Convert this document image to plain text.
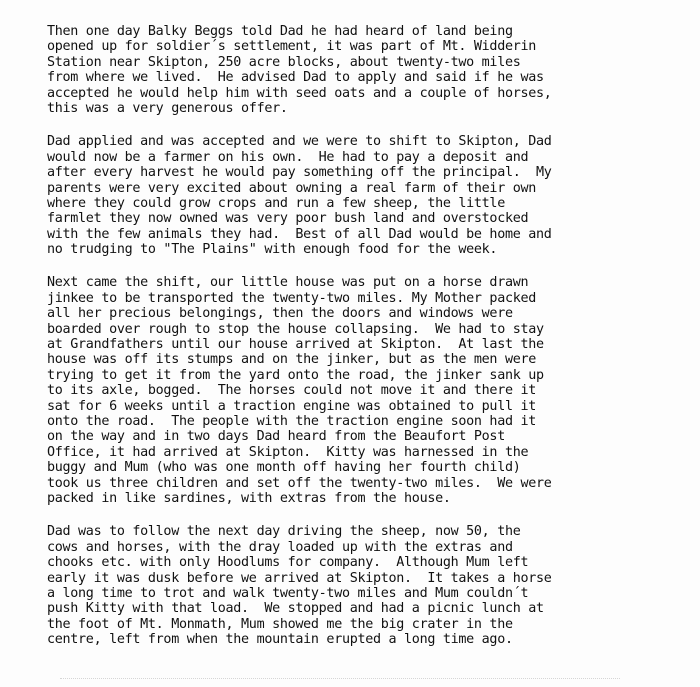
Then one day Balky Beggs told Dad he had heard of land being
opened up for soldier´s settlement, it was part of Mt. Widderin
Station near Skipton, 250 acre blocks, about twenty-two miles
from where we lived.  He advised Dad to apply and said if he was
accepted he would help him with seed oats and a couple of horses,
this was a very generous offer.
Dad applied and was accepted and we were to shift to Skipton, Dad
would now be a farmer on his own.  He had to pay a deposit and
after every harvest he would pay something off the principal.  My
parents were very excited about owning a real farm of their own
where they could grow crops and run a few sheep, the little
farmlet they now owned was very poor bush land and overstocked
with the few animals they had.  Best of all Dad would be home and
no trudging to "The Plains" with enough food for the week.
Next came the shift, our little house was put on a horse drawn
jinkee to be transported the twenty-two miles. My Mother packed
all her precious belongings, then the doors and windows were
boarded over rough to stop the house collapsing.  We had to stay
at Grandfathers until our house arrived at Skipton.  At last the
house was off its stumps and on the jinker, but as the men were
trying to get it from the yard onto the road, the jinker sank up
to its axle, bogged.  The horses could not move it and there it
sat for 6 weeks until a traction engine was obtained to pull it
onto the road.  The people with the traction engine soon had it
on the way and in two days Dad heard from the Beaufort Post
Office, it had arrived at Skipton.  Kitty was harnessed in the
buggy and Mum (who was one month off having her fourth child)
took us three children and set off the twenty-two miles.  We were
packed in like sardines, with extras from the house.
Dad was to follow the next day driving the sheep, now 50, the
cows and horses, with the dray loaded up with the extras and
chooks etc. with only Hoodlums for company.  Although Mum left
early it was dusk before we arrived at Skipton.  It takes a horse
a long time to trot and walk twenty-two miles and Mum couldn´t
push Kitty with that load.  We stopped and had a picnic lunch at
the foot of Mt. Monmath, Mum showed me the big crater in the
centre, left from when the mountain erupted a long time ago.
